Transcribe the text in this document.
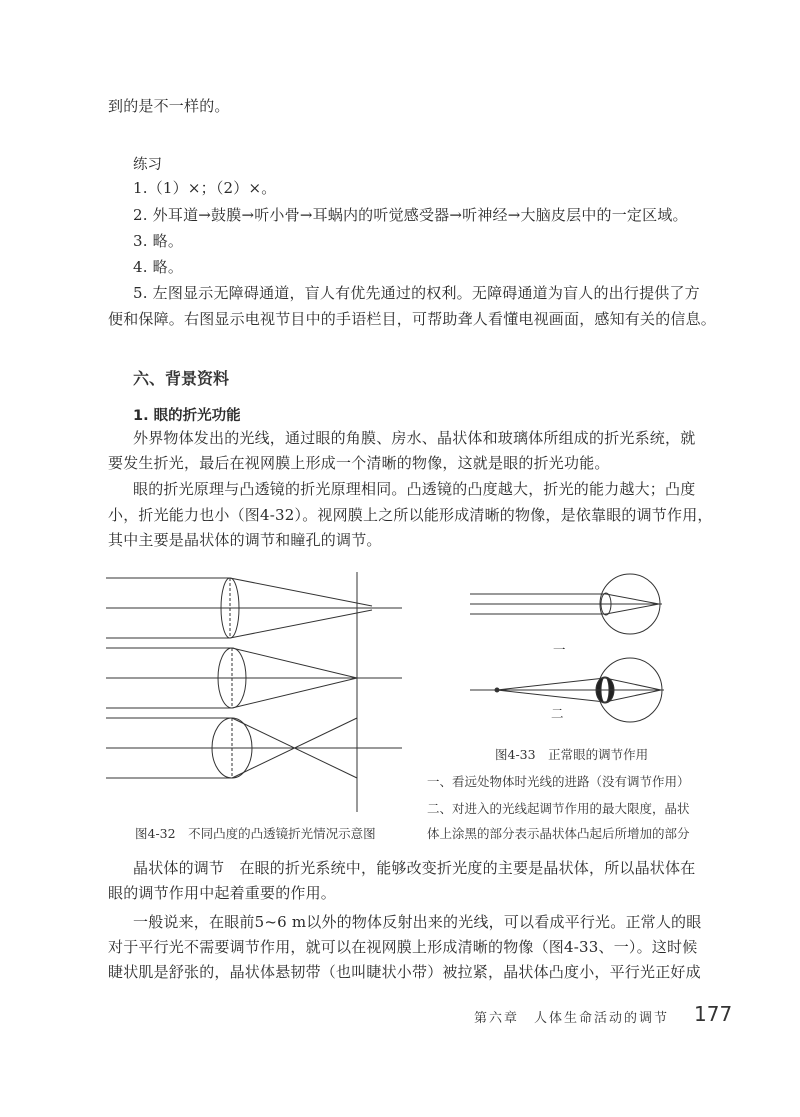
到的是不一样的。
练习
1.（1）×；（2）×。
2. 外耳道→鼓膜→听小骨→耳蜗内的听觉感受器→听神经→大脑皮层中的一定区域。
3. 略。
4. 略。
5. 左图显示无障碍通道，盲人有优先通过的权利。无障碍通道为盲人的出行提供了方
便和保障。右图显示电视节目中的手语栏目，可帮助聋人看懂电视画面，感知有关的信息。
六、背景资料
1. 眼的折光功能
外界物体发出的光线，通过眼的角膜、房水、晶状体和玻璃体所组成的折光系统，就
要发生折光，最后在视网膜上形成一个清晰的物像，这就是眼的折光功能。
眼的折光原理与凸透镜的折光原理相同。凸透镜的凸度越大，折光的能力越大；凸度
小，折光能力也小（图4-32）。视网膜上之所以能形成清晰的物像，是依靠眼的调节作用，
其中主要是晶状体的调节和瞳孔的调节。
一
二
图4-33　正常眼的调节作用
一、看远处物体时光线的进路（没有调节作用）
二、对进入的光线起调节作用的最大限度，晶状
图4-32　不同凸度的凸透镜折光情况示意图	体上涂黑的部分表示晶状体凸起后所增加的部分
晶状体的调节　在眼的折光系统中，能够改变折光度的主要是晶状体，所以晶状体在
眼的调节作用中起着重要的作用。
一般说来，在眼前5~6 m以外的物体反射出来的光线，可以看成平行光。正常人的眼
对于平行光不需要调节作用，就可以在视网膜上形成清晰的物像（图4-33、一）。这时候
睫状肌是舒张的，晶状体悬韧带（也叫睫状小带）被拉紧，晶状体凸度小，平行光正好成
第六章　人体生命活动的调节 177
